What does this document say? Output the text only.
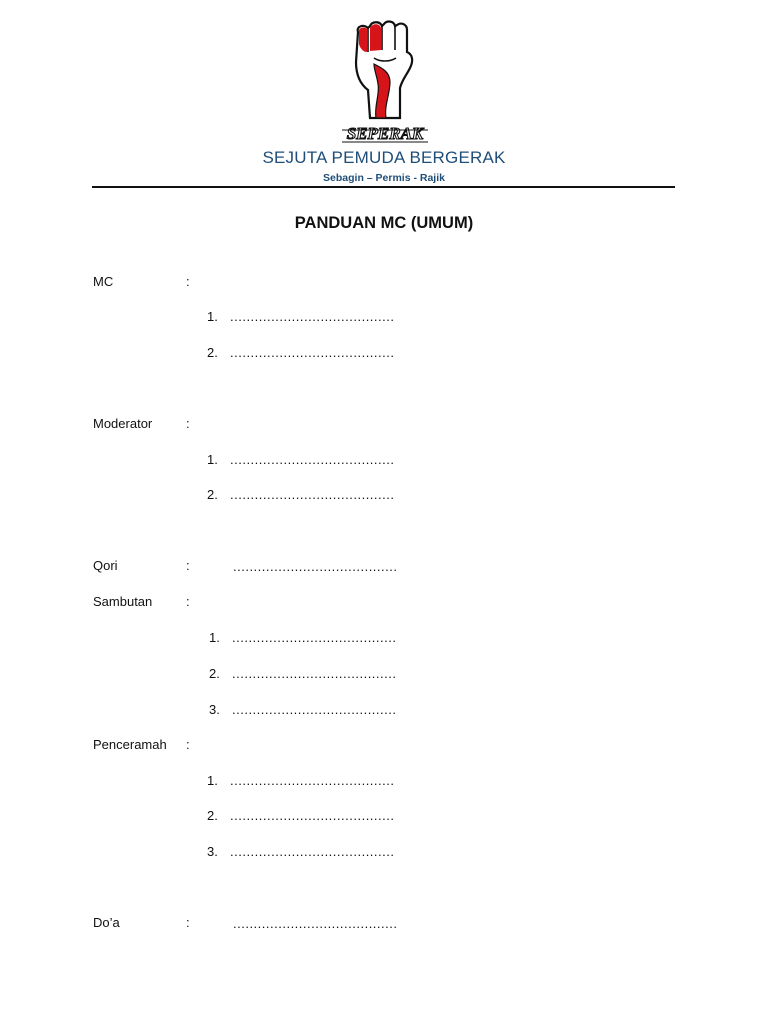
SEPERAK
SEJUTA PEMUDA BERGERAK
Sebagin – Permis - Rajik
PANDUAN MC (UMUM)
MC	:
1. ........................................
2. ........................................
Moderator	:
1. ........................................
2. ........................................
Qori	:	........................................
Sambutan	:
1. ........................................
2. ........................................
3. ........................................
Penceramah :
1. ........................................
2. ........................................
3. ........................................
Do’a	:	........................................
